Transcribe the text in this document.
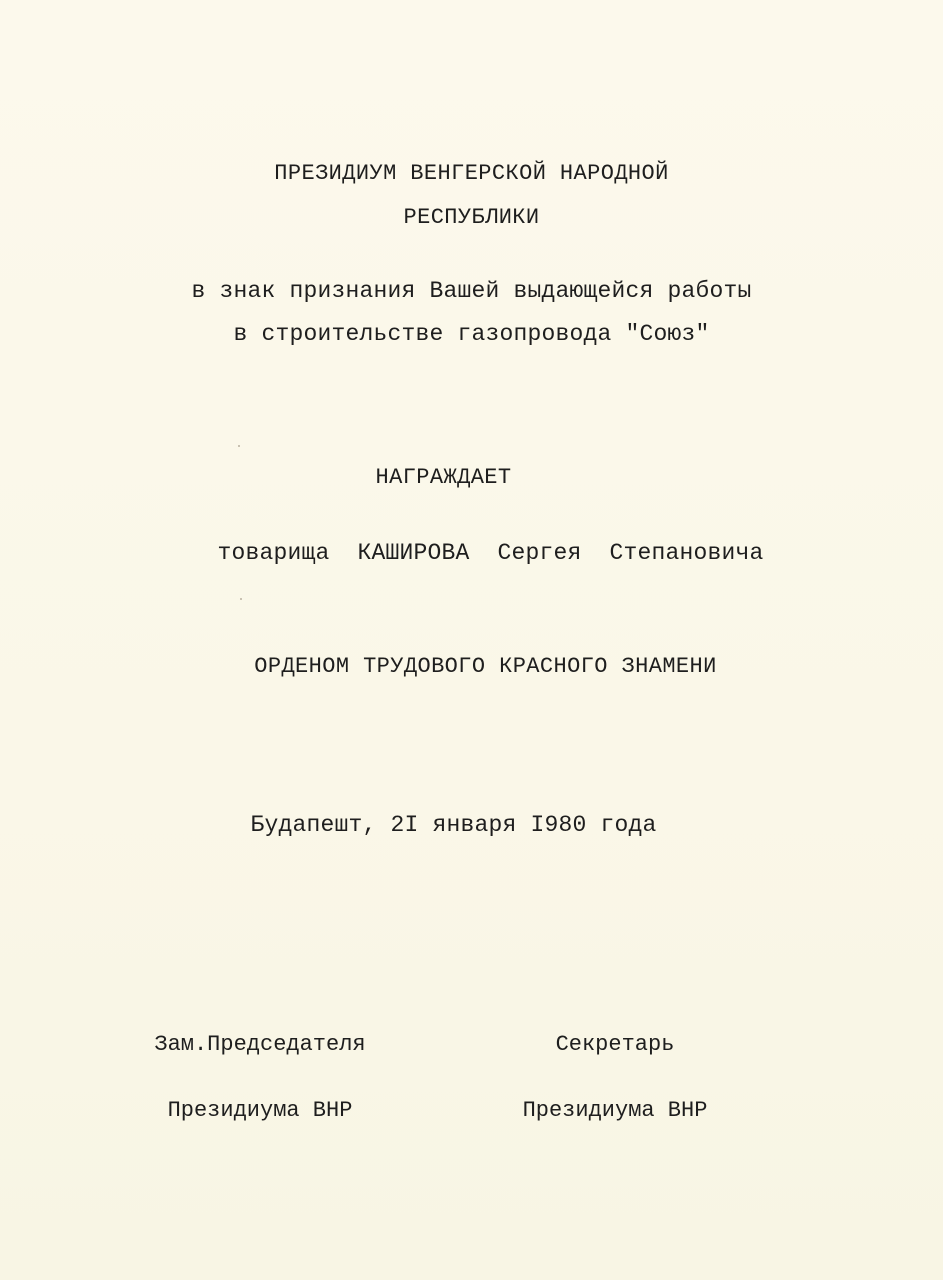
ПРЕЗИДИУМ ВЕНГЕРСКОЙ НАРОДНОЙ
РЕСПУБЛИКИ
в знак признания Вашей выдающейся работы
в строительстве газопровода "Союз"
НАГРАЖДАЕТ
товарища  КАШИРОВА  Сергея  Степановича
ОРДЕНОМ ТРУДОВОГО КРАСНОГО ЗНАМЕНИ
Будапешт, 2I января I980 года

Зам.Председателя

Президиума ВНР

Секретарь

Президиума ВНР
